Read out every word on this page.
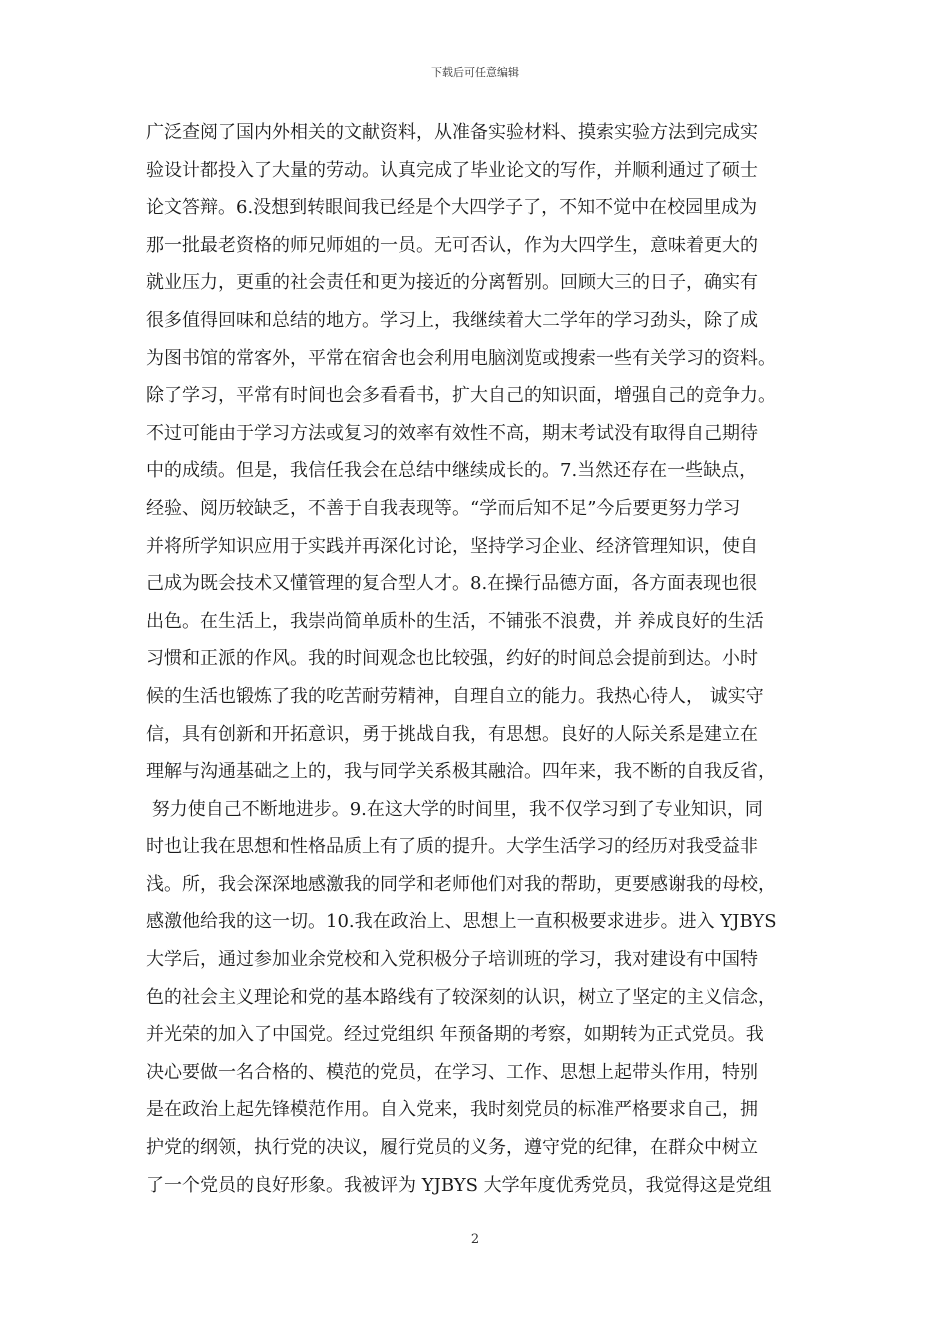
下载后可任意编辑
广泛查阅了国内外相关的文献资料，从准备实验材料、摸索实验方法到完成实
验设计都投入了大量的劳动。认真完成了毕业论文的写作，并顺利通过了硕士
论文答辩。6.没想到转眼间我已经是个大四学子了，不知不觉中在校园里成为
那一批最老资格的师兄师姐的一员。无可否认，作为大四学生，意味着更大的
就业压力，更重的社会责任和更为接近的分离暂别。回顾大三的日子，确实有
很多值得回味和总结的地方。学习上，我继续着大二学年的学习劲头，除了成
为图书馆的常客外，平常在宿舍也会利用电脑浏览或搜索一些有关学习的资料。
除了学习，平常有时间也会多看看书，扩大自己的知识面，增强自己的竞争力。
不过可能由于学习方法或复习的效率有效性不高，期末考试没有取得自己期待
中的成绩。但是，我信任我会在总结中继续成长的。7.当然还存在一些缺点，
经验、阅历较缺乏，不善于自我表现等。“学而后知不足”今后要更努力学习
并将所学知识应用于实践并再深化讨论，坚持学习企业、经济管理知识，使自
己成为既会技术又懂管理的复合型人才。8.在操行品德方面，各方面表现也很
出色。在生活上，我崇尚简单质朴的生活，不铺张不浪费，并 养成良好的生活
习惯和正派的作风。我的时间观念也比较强，约好的时间总会提前到达。小时
候的生活也锻炼了我的吃苦耐劳精神，自理自立的能力。我热心待人， 诚实守
信，具有创新和开拓意识，勇于挑战自我，有思想。良好的人际关系是建立在
理解与沟通基础之上的，我与同学关系极其融洽。四年来，我不断的自我反省，
努力使自己不断地进步。9.在这大学的时间里，我不仅学习到了专业知识，同
时也让我在思想和性格品质上有了质的提升。大学生活学习的经历对我受益非
浅。所，我会深深地感激我的同学和老师他们对我的帮助，更要感谢我的母校，
感激他给我的这一切。10.我在政治上、思想上一直积极要求进步。进入 YJBYS
大学后，通过参加业余党校和入党积极分子培训班的学习，我对建设有中国特
色的社会主义理论和党的基本路线有了较深刻的认识，树立了坚定的主义信念，
并光荣的加入了中国党。经过党组织 年预备期的考察，如期转为正式党员。我
决心要做一名合格的、模范的党员，在学习、工作、思想上起带头作用，特别
是在政治上起先锋模范作用。自入党来，我时刻党员的标准严格要求自己，拥
护党的纲领，执行党的决议，履行党员的义务，遵守党的纪律，在群众中树立
了一个党员的良好形象。我被评为 YJBYS 大学年度优秀党员，我觉得这是党组
2
